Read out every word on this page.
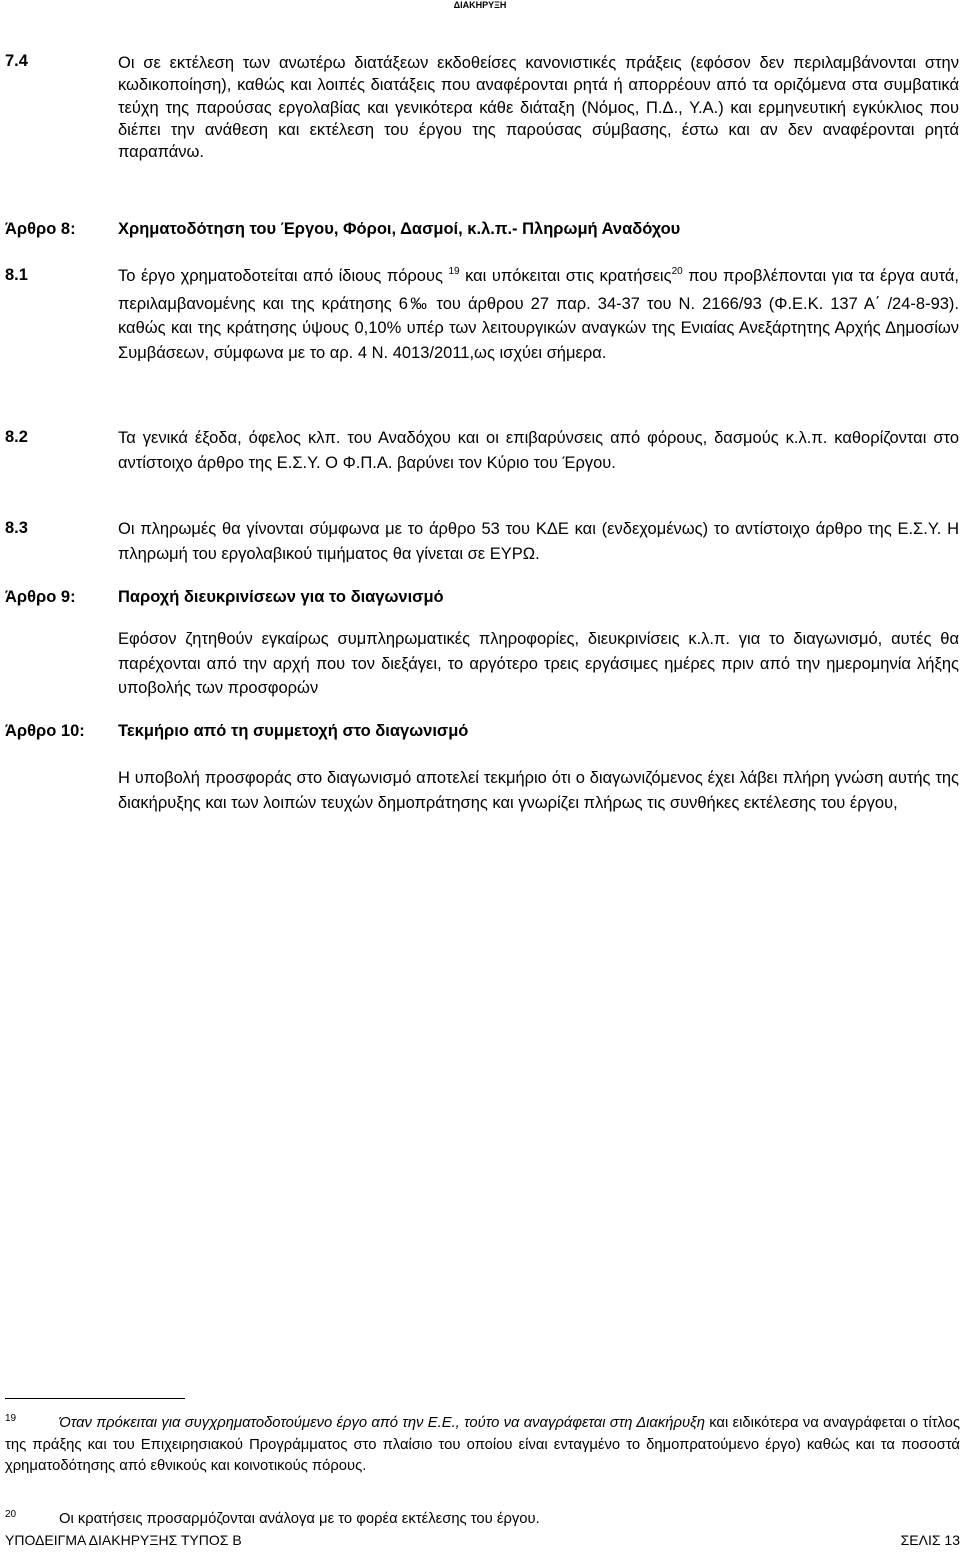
ΔΙΑΚΗΡΥΞΗ
7.4	Οι σε εκτέλεση των ανωτέρω διατάξεων εκδοθείσες κανονιστικές πράξεις (εφόσον δεν περιλαμβάνονται στην κωδικοποίηση), καθώς και λοιπές διατάξεις που αναφέρονται ρητά ή απορρέουν από τα οριζόμενα στα συμβατικά τεύχη της παρούσας εργολαβίας και γενικότερα κάθε διάταξη (Νόμος, Π.Δ., Υ.Α.) και ερμηνευτική εγκύκλιος που διέπει την ανάθεση και εκτέλεση του έργου της παρούσας σύμβασης, έστω και αν δεν αναφέρονται ρητά παραπάνω.
Άρθρο 8:	Χρηματοδότηση του Έργου, Φόροι, Δασμοί, κ.λ.π.- Πληρωμή Αναδόχου
8.1	Το έργο χρηματοδοτείται από ίδιους πόρους $^{19}$ και υπόκειται στις κρατήσεις$^{20}$ που προβλέπονται για τα έργα αυτά, περιλαμβανομένης και της κράτησης 6‰ του άρθρου 27 παρ. 34-37 του Ν. 2166/93 (Φ.Ε.Κ. 137 Α΄ /24-8-93). καθώς και της κράτησης ύψους 0,10% υπέρ των λειτουργικών αναγκών της Ενιαίας Ανεξάρτητης Αρχής Δημοσίων Συμβάσεων, σύμφωνα με το αρ. 4 Ν. 4013/2011,ως ισχύει σήμερα.
8.2	Τα γενικά έξοδα, όφελος κλπ. του Αναδόχου και οι επιβαρύνσεις από φόρους, δασμούς κ.λ.π. καθορίζονται στο αντίστοιχο άρθρο της Ε.Σ.Υ. Ο Φ.Π.Α. βαρύνει τον Κύριο του Έργου.
8.3	Οι πληρωμές θα γίνονται σύμφωνα με το άρθρο 53 του ΚΔΕ και (ενδεχομένως) το αντίστοιχο άρθρο της Ε.Σ.Υ. Η πληρωμή του εργολαβικού τιμήματος θα γίνεται σε ΕΥΡΩ.
Άρθρο 9:	Παροχή διευκρινίσεων για το διαγωνισμό
Εφόσον ζητηθούν εγκαίρως συμπληρωματικές πληροφορίες, διευκρινίσεις κ.λ.π. για το διαγωνισμό, αυτές θα παρέχονται από την αρχή που τον διεξάγει, το αργότερο τρεις εργάσιμες ημέρες πριν από την ημερομηνία λήξης υποβολής των προσφορών
Άρθρο 10: Τεκμήριο από τη συμμετοχή στο διαγωνισμό
Η υποβολή προσφοράς στο διαγωνισμό αποτελεί τεκμήριο ότι ο διαγωνιζόμενος έχει λάβει πλήρη γνώση αυτής της διακήρυξης και των λοιπών τευχών δημοπράτησης και γνωρίζει πλήρως τις συνθήκες εκτέλεσης του έργου,
19	Όταν πρόκειται για συγχρηματοδοτούμενο έργο από την Ε.Ε., τούτο να αναγράφεται στη Διακήρυξη και ειδικότερα να αναγράφεται ο τίτλος της πράξης και του Επιχειρησιακού Προγράμματος στο πλαίσιο του οποίου είναι ενταγμένο το δημοπρατούμενο έργο) καθώς και τα ποσοστά χρηματοδότησης από εθνικούς και κοινοτικούς πόρους.
20	Οι κρατήσεις προσαρμόζονται ανάλογα με το φορέα εκτέλεσης του έργου.
ΥΠΟΔΕΙΓΜΑ ΔΙΑΚΗΡΥΞΗΣ ΤΥΠΟΣ Β	ΣΕΛΙΣ 13
